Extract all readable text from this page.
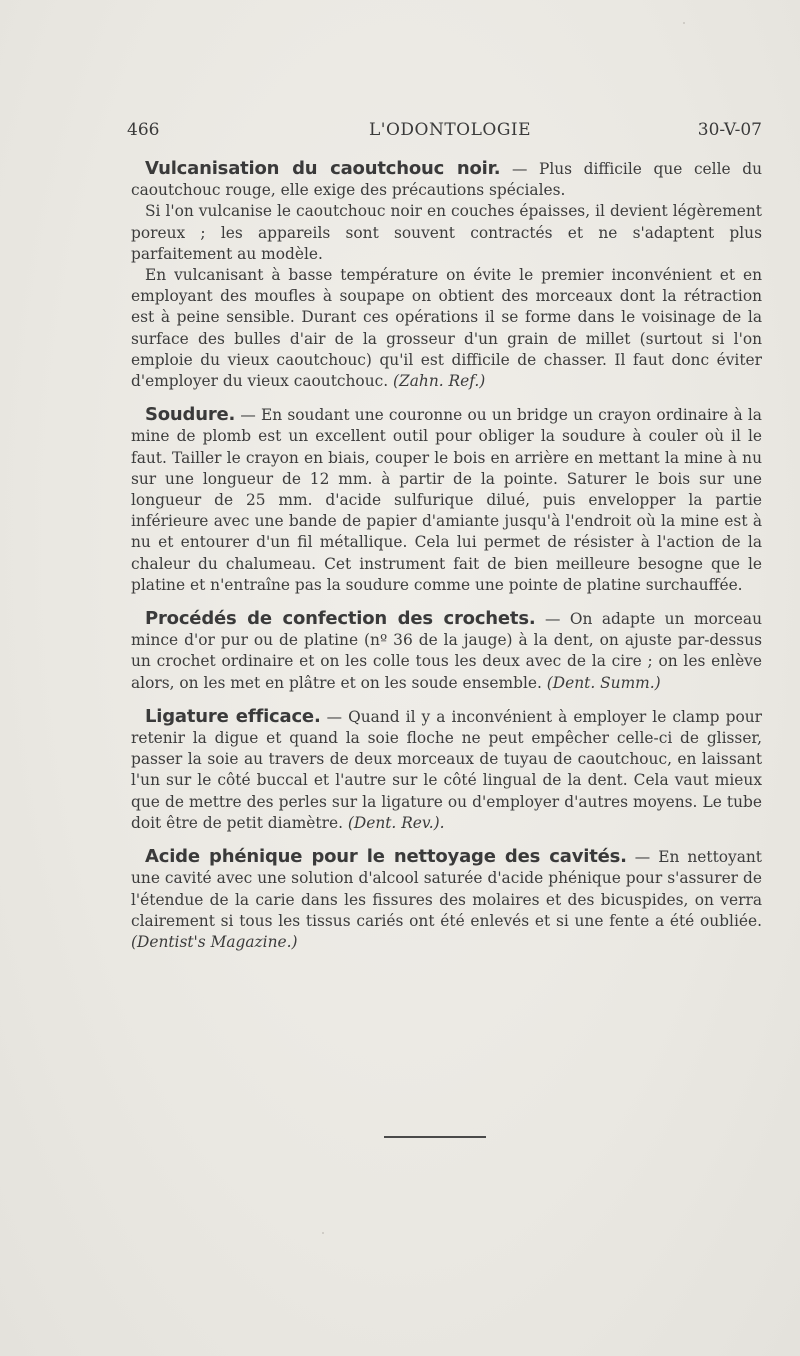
466	L'ODONTOLOGIE	30-V-07

Vulcanisation du caoutchouc noir. — Plus difficile que celle du caoutchouc rouge, elle exige des précautions spéciales.

Si l'on vulcanise le caoutchouc noir en couches épaisses, il devient légèrement poreux ; les appareils sont souvent contractés et ne s'adaptent plus parfaitement au modèle.

En vulcanisant à basse température on évite le premier inconvénient et en employant des moufles à soupape on obtient des morceaux dont la rétraction est à peine sensible. Durant ces opérations il se forme dans le voisinage de la surface des bulles d'air de la grosseur d'un grain de millet (surtout si l'on emploie du vieux caoutchouc) qu'il est difficile de chasser. Il faut donc éviter d'employer du vieux caoutchouc. (Zahn. Ref.)

Soudure. — En soudant une couronne ou un bridge un crayon ordinaire à la mine de plomb est un excellent outil pour obliger la soudure à couler où il le faut. Tailler le crayon en biais, couper le bois en arrière en mettant la mine à nu sur une longueur de 12 mm. à partir de la pointe. Saturer le bois sur une longueur de 25 mm. d'acide sulfurique dilué, puis envelopper la partie inférieure avec une bande de papier d'amiante jusqu'à l'endroit où la mine est à nu et entourer d'un fil métallique. Cela lui permet de résister à l'action de la chaleur du chalumeau. Cet instrument fait de bien meilleure besogne que le platine et n'entraîne pas la soudure comme une pointe de platine surchauffée.

Procédés de confection des crochets. — On adapte un morceau mince d'or pur ou de platine (nº 36 de la jauge) à la dent, on ajuste par-dessus un crochet ordinaire et on les colle tous les deux avec de la cire ; on les enlève alors, on les met en plâtre et on les soude ensemble. (Dent. Summ.)

Ligature efficace. — Quand il y a inconvénient à employer le clamp pour retenir la digue et quand la soie floche ne peut empêcher celle-ci de glisser, passer la soie au travers de deux morceaux de tuyau de caoutchouc, en laissant l'un sur le côté buccal et l'autre sur le côté lingual de la dent. Cela vaut mieux que de mettre des perles sur la ligature ou d'employer d'autres moyens. Le tube doit être de petit diamètre. (Dent. Rev.).

Acide phénique pour le nettoyage des cavités. — En nettoyant une cavité avec une solution d'alcool saturée d'acide phénique pour s'assurer de l'étendue de la carie dans les fissures des molaires et des bicuspides, on verra clairement si tous les tissus cariés ont été enlevés et si une fente a été oubliée. (Dentist's Magazine.)
